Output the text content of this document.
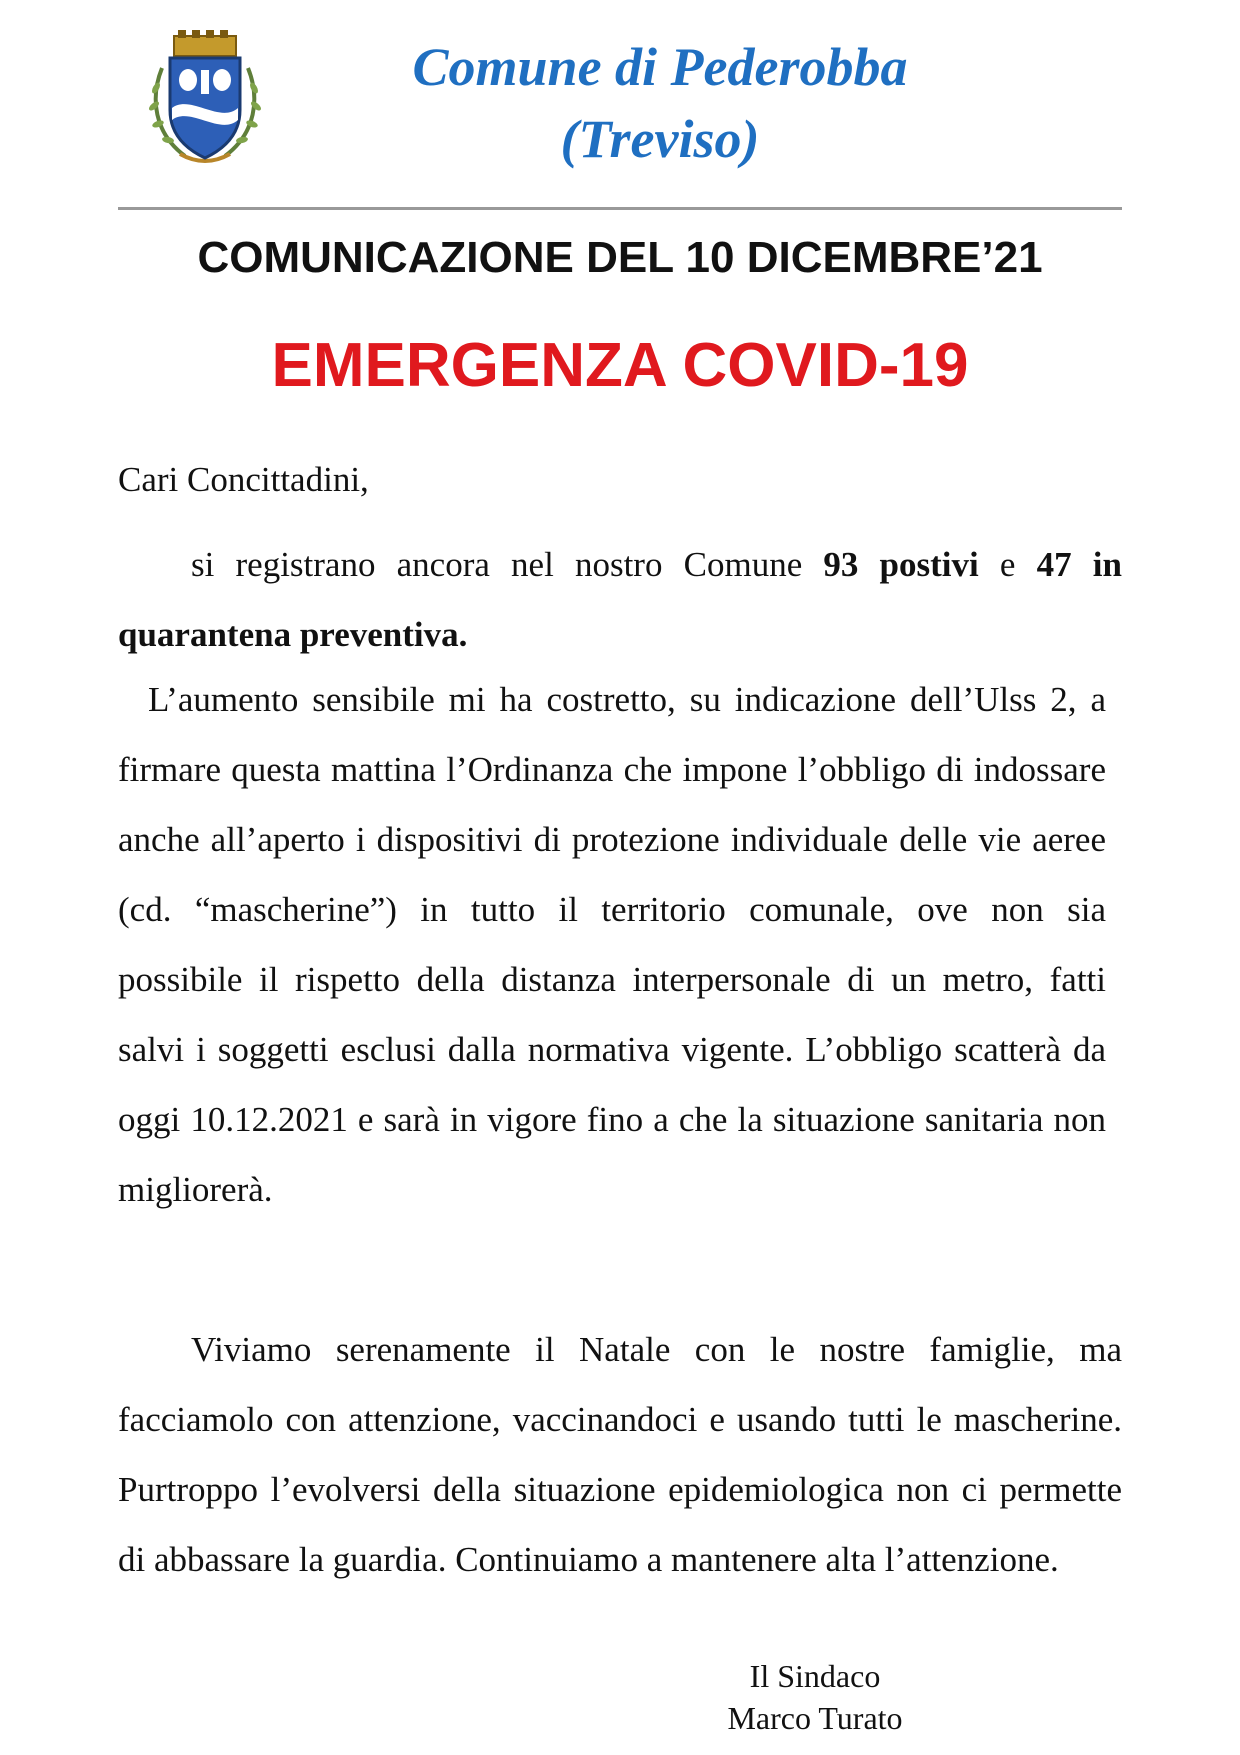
Comune di Pederobba
(Treviso)
COMUNICAZIONE DEL 10 DICEMBRE’21
EMERGENZA COVID-19
Cari Concittadini,
si registrano ancora nel nostro Comune 93 postivi e 47 in quarantena preventiva.
L’aumento sensibile mi ha costretto, su indicazione dell’Ulss 2, a firmare questa mattina l’Ordinanza che impone l’obbligo di indossare anche all’aperto i dispositivi di protezione individuale delle vie aeree (cd. “mascherine”) in tutto il territorio comunale, ove non sia possibile il rispetto della distanza interpersonale di un metro, fatti salvi i soggetti esclusi dalla normativa vigente. L’obbligo scatterà da oggi 10.12.2021 e sarà in vigore fino a che la situazione sanitaria non migliorerà.
Viviamo serenamente il Natale con le nostre famiglie, ma facciamolo con attenzione, vaccinandoci e usando tutti le mascherine. Purtroppo l’evolversi della situazione epidemiologica non ci permette di abbassare la guardia. Continuiamo a mantenere alta l’attenzione.
Il Sindaco
Marco Turato
